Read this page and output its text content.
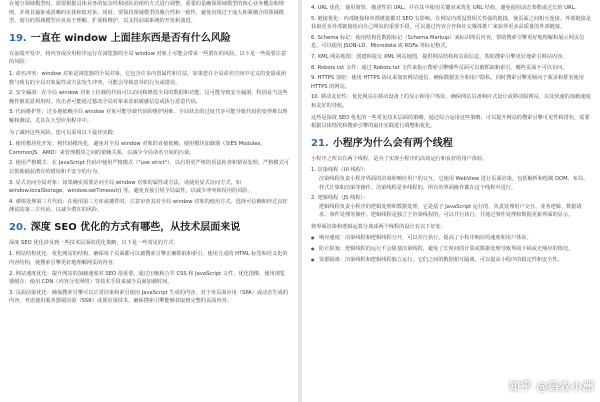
在划分领域模型时，需要根据具体业务的复杂性和团队的组织方式进行调整，重要的是确保领域模型的核心业务概念和规则，并将其抽象成清晰的实体和值对象。同时，要保持领域模型的聚合性和一致性，避免出现过于庞大和紧耦合的领域模型。划分的领域模型应该易于理解、扩展和维护，以支持前端系统的开发和演进。

19. 一直在 window 上面挂东西是否有什么风险

在前端开发中，将内容或应用程序运行在浏览器的全局 window 对象上可能会带来一些潜在的风险。以下是一些需要注意的风险：

1. 命名冲突：window 对象是浏览器的全局对象，它包含许多内置属性和方法。如果您在全局命名空间中定义的变量或函数与现有的全局对象属性或方法发生冲突，可能会导致意外的行为或错误。
2. 安全漏洞：在全局 window 对象上挂载的代码可以访问和修改全局的数据和功能。这可能导致安全漏洞，特别是当这些操作被恶意利用时。攻击者可能通过篡改全局对象来获取敏感信息或执行恶意代码。
3. 代码维护性：过多地依赖全局 window 对象可能导致代码的维护困难。全局状态的过度共享可能导致代码的变得难以理解和测试，尤其在大型应用程序中。

为了减轻这些风险，您可以采用以下最佳实践：

1. 使用模块化开发：将代码模块化，避免对全局 window 对象的直接依赖。使用模块加载器（如ES Modules、CommonJS、AMD）来管理模块之间的依赖关系，以减少全局命名空间的污染。
2. 使用严格模式：在 JavaScript 代码中使用严格模式（"use strict"），以启用更严格的语法检查和错误处理。严格模式可以帮助捕获潜在的错误和不安全的行为。
3. 显式访问全局对象：如果确实需要访问全局 window 对象的属性或方法，请使用显式访问方式，如 window.localStorage、window.setTimeout() 等。避免直接引用全局属性，以减少冲突和误用的风险。
4. 谨慎处理第三方代码：在使用第三方库或插件时，注意审查其对全局 window 对象的使用方式。选择可信赖和经过良好测试的第三方代码，以减少潜在的风险。
20. 深度 SEO 优化的方式有哪些，从技术层面来说

深度 SEO 优化涉及到一些技术层面的优化策略，以下是一些常见的方式：

1. 网站结构优化：优化网站的结构，确保每个页面都可以被搜索引擎正确抓取和索引。使用合适的 HTML 标签和语义化的内容结构，使搜索引擎更好地理解网页的内容。
2. 网站速度优化：提升网站的加载速度对 SEO 很重要。通过压缩和合并 CSS 和 JavaScript 文件、优化图像、使用浏览器缓存、使用 CDN（内容分发网络）等技术手段来减少页面加载时间。
3. 页面渲染优化：确保搜索引擎可以正常渲染和索引使用 JavaScript 生成的内容。对于单页面应用（SPA）或动态生成的内容，考虑使用服务器端渲染（SSR）或预渲染技术，确保搜索引擎能够获取到完整的页面内容。
4. URL 优化：使用简短、描述性的 URL，并在其中使用关键词来优化 URL 结构。避免使用动态参数或过长的 URL。
5. 链接优化：内部链接和外部链接都对 SEO 有影响。在网站内部设置相关性强的链接，使页面之间相互连接。外部链接是获取更多外部链接指向自己网站的重要手段，可以通过内容合作和社交媒体推广来获得更多高质量的外部链接。
6. Schema 标记：使用结构化数据标记（Schema Markup）来标识网页内容，帮助搜索引擎更好地理解和展示网页信息。可以使用 JSON-LD、Microdata 或 RDFa 等标记格式。
7. XML 网站地图：创建和提交 XML 网站地图，提供网站结构和页面信息，帮助搜索引擎更好地索引网站内容。
8. Robots.txt 文件：通过 Robots.txt 文件来指示搜索引擎哪些页面可以被抓取和索引，哪些页面不可以访问。
9. HTTPS 加密：使用 HTTPS 协议来加密网站通信，确保数据安全和用户隐私。同时搜索引擎更倾向于收录和排名使用 HTTPS 的网站。
10. 移动友好性：优化网站在移动设备上的显示和用户体验，确保网站具备响应式设计或移动版网站，以及快速的加载速度和友好的导航。

这些是深度 SEO 优化的一些常见技术层面的策略。通过综合运用这些策略，可以提升网站的搜索引擎可见性和排名，需要根据具体情况和搜索引擎的最佳实践进行调整和优化。

21. 小程序为什么会有两个线程

小程序之所以有两个线程，是为了实现小程序的高效运行和良好的用户体验。

1. 渲染线程（UI 线程）：
渲染线程负责小程序界面的渲染和响应用户的交互。它使用 WebView 进行页面渲染，包括解析和绘制 DOM、布局、样式计算和渲染等操作。渲染线程是单线程的，所有的界面操作都在这个线程中进行。
2. 逻辑线程（JS 线程）：
逻辑线程负责小程序的逻辑处理和数据处理。它是基于 JavaScript 运行的，负责处理用户交互、业务逻辑、数据请求、事件处理等操作。逻辑线程是独立于渲染线程的，可以并行执行，并通过事件处理和数据更新界面的显示。

将界面渲染和逻辑运算分离成两个线程的设计有以下好处：

● 响应速度：渲染线程和逻辑线程分开，可以并行执行，提高了小程序响应的速度和用户体验。
● 防止阻塞：逻辑线程的运行不会阻塞渲染线程，避免了长时间的计算或数据处理导致界面卡顿或无响应的情况。
● 资源隔离：渲染线程和逻辑线程独立运行，它们之间的数据相互隔离，可以提高小程序的稳定性和安全性。
知乎 @码农小洲
